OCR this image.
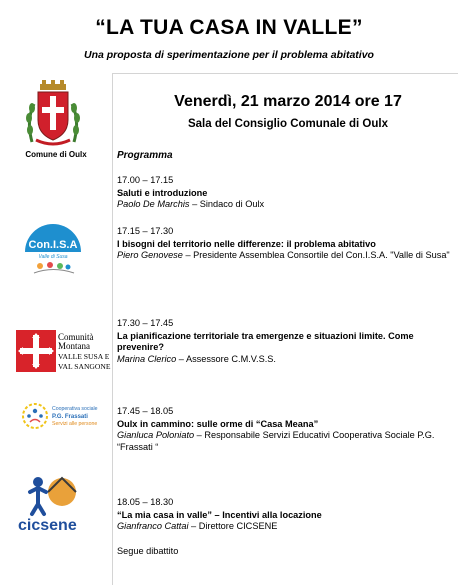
“LA TUA CASA IN VALLE”
Una proposta di sperimentazione per il problema abitativo
Comune di Oulx
Venerdì, 21 marzo 2014 ore 17
Sala del Consiglio Comunale di Oulx
Programma
17.00 – 17.15
Saluti e introduzione
Paolo De Marchis – Sindaco di Oulx
Con.I.S.A
Valle di Susa
17.15 – 17.30
I bisogni del territorio nelle differenze: il problema abitativo
Piero Genovese – Presidente Assemblea Consortile del Con.I.S.A. "Valle di Susa"
Comunità
Montana
VALLE SUSA E
VAL SANGONE
17.30 – 17.45
La pianificazione territoriale tra emergenze e situazioni limite. Come prevenire?
Marina Clerico – Assessore C.M.V.S.S.
Cooperativa sociale
P.G. Frassati
Servizi alle persone
17.45 – 18.05
Oulx in cammino: sulle orme di “Casa Meana”
Gianluca Poloniato – Responsabile Servizi Educativi Cooperativa Sociale P.G. “Frassati “
cicsene
18.05 – 18.30
“La mia casa in valle” – Incentivi alla locazione
Gianfranco Cattai – Direttore CICSENE
Segue dibattito
